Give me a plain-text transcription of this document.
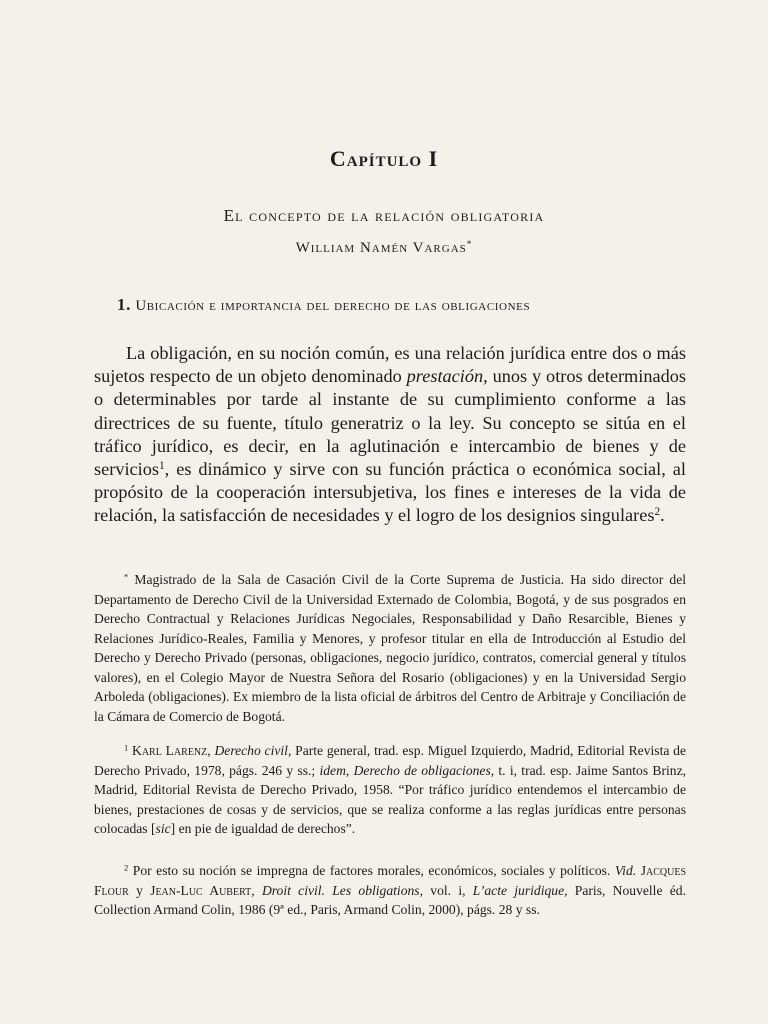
Capítulo I
El concepto de la relación obligatoria
William Namén Vargas*
1. Ubicación e importancia del derecho de las obligaciones

La obligación, en su noción común, es una relación jurídica entre dos o más sujetos respecto de un objeto denominado prestación, unos y otros determinados o determinables por tarde al instante de su cumplimiento conforme a las directrices de su fuente, título generatriz o la ley. Su concepto se sitúa en el tráfico jurídico, es decir, en la aglutinación e intercambio de bienes y de servicios$^1$, es dinámico y sirve con su función práctica o económica social, al propósito de la cooperación intersubjetiva, los fines e intereses de la vida de relación, la satisfacción de necesidades y el logro de los designios singulares$^2$.

* Magistrado de la Sala de Casación Civil de la Corte Suprema de Justicia. Ha sido director del Departamento de Derecho Civil de la Universidad Externado de Colombia, Bogotá, y de sus posgrados en Derecho Contractual y Relaciones Jurídicas Negociales, Responsabilidad y Daño Resarcible, Bienes y Relaciones Jurídico-Reales, Familia y Menores, y profesor titular en ella de Introducción al Estudio del Derecho y Derecho Privado (personas, obligaciones, negocio jurídico, contratos, comercial general y títulos valores), en el Colegio Mayor de Nuestra Señora del Rosario (obligaciones) y en la Universidad Sergio Arboleda (obligaciones). Ex miembro de la lista oficial de árbitros del Centro de Arbitraje y Conciliación de la Cámara de Comercio de Bogotá.

$^1$ Karl Larenz, Derecho civil, Parte general, trad. esp. Miguel Izquierdo, Madrid, Editorial Revista de Derecho Privado, 1978, págs. 246 y ss.; idem, Derecho de obligaciones, t. i, trad. esp. Jaime Santos Brinz, Madrid, Editorial Revista de Derecho Privado, 1958. “Por tráfico jurídico entendemos el intercambio de bienes, prestaciones de cosas y de servicios, que se realiza conforme a las reglas jurídicas entre personas colocadas [sic] en pie de igualdad de derechos”.

$^2$ Por esto su noción se impregna de factores morales, económicos, sociales y políticos. Vid. Jacques Flour y Jean-Luc Aubert, Droit civil. Les obligations, vol. i, L’acte juridique, Paris, Nouvelle éd. Collection Armand Colin, 1986 (9ª ed., Paris, Armand Colin, 2000), págs. 28 y ss.
